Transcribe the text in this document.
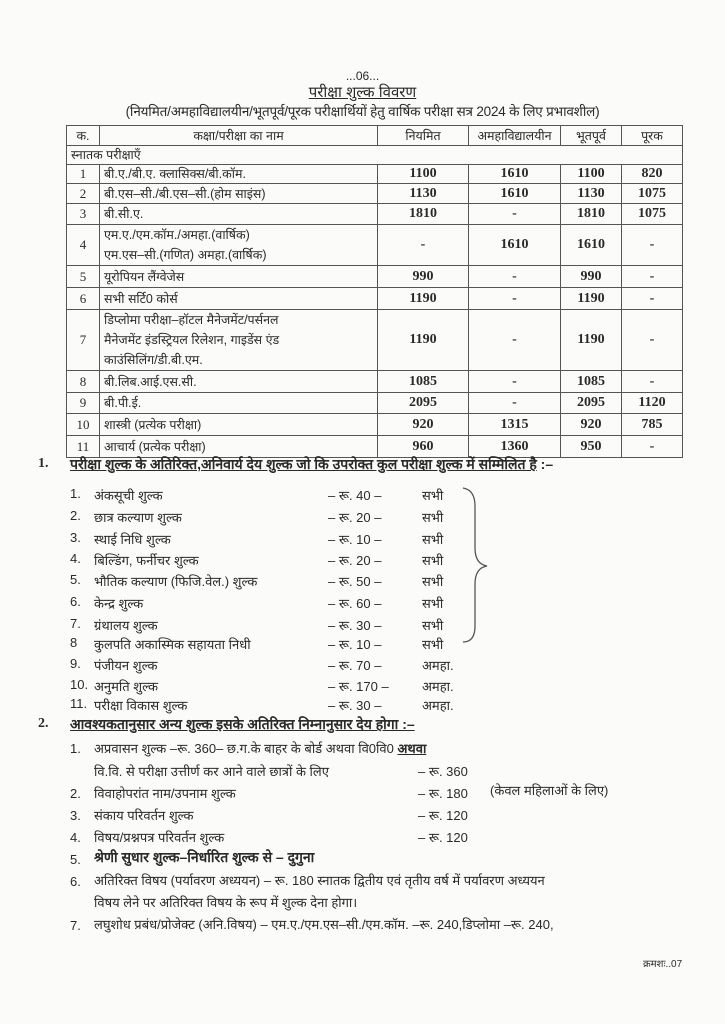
...06...
परीक्षा शुल्क विवरण
(नियमित/अमहाविद्यालयीन/भूतपूर्व/पूरक परीक्षार्थियों हेतु वार्षिक परीक्षा सत्र 2024 के लिए प्रभावशील)
क.	कक्षा/परीक्षा का नाम	नियमित	अमहाविद्यालयीन	भूतपूर्व	पूरक
स्नातक परीक्षाएँ					
1	बी.ए./बी.ए. क्लासिक्स/बी.कॉम.	1100	1610	1100	820
2	बी.एस–सी./बी.एस–सी.(होम साइंस)	1130	1610	1130	1075
3	बी.सी.ए.	1810	-	1810	1075
4	एम.ए./एम.कॉम./अमहा.(वार्षिक)
एम.एस–सी.(गणित) अमहा.(वार्षिक)	-	1610	1610	-
5	यूरोपियन लैंग्वेजेस	990	-	990	-
6	सभी सर्टि0 कोर्स	1190	-	1190	-
7	डिप्लोमा परीक्षा–हॉटल मैनेजमेंट/पर्सनल
मैनेजमेंट इंडस्ट्रियल रिलेशन, गाइडेंस एंड
काउंसिलिंग/डी.बी.एम.	1190	-	1190	-
8	बी.लिब.आई.एस.सी.	1085	-	1085	-
9	बी.पी.ई.	2095	-	2095	1120
10	शास्त्री (प्रत्येक परीक्षा)	920	1315	920	785
11	आचार्य (प्रत्येक परीक्षा)	960	1360	950	-
1. परीक्षा शुल्क के अतिरिक्त,अनिवार्य देय शुल्क जो कि उपरोक्त कुल परीक्षा शुल्क में सम्मिलित है :–
1. अंकसूची शुल्क	– रू. 40 –	सभी
2. छात्र कल्याण शुल्क	– रू. 20 –	सभी
3. स्थाई निधि शुल्क	– रू. 10 –	सभी
4. बिल्डिंग, फर्नीचर शुल्क	– रू. 20 –	सभी
5. भौतिक कल्याण (फिजि.वेल.) शुल्क	– रू. 50 –	सभी
6. केन्द्र शुल्क	– रू. 60 –	सभी
7. ग्रंथालय शुल्क	– रू. 30 –	सभी
8 कुलपति अकास्मिक सहायता निधी	– रू. 10 –	सभी
9. पंजीयन शुल्क	– रू. 70 –	अमहा.
10. अनुमति शुल्क	– रू. 170 –	अमहा.
11. परीक्षा विकास शुल्क	– रू. 30 –	अमहा.
2. आवश्यकतानुसार अन्य शुल्क इसके अतिरिक्त निम्नानुसार देय होगा :–
1. अप्रवासन शुल्क –रू. 360– छ.ग.के बाहर के बोर्ड अथवा वि0वि0 अथवा
वि.वि. से परीक्षा उत्तीर्ण कर आने वाले छात्रों के लिए	– रू. 360
2. विवाहोपरांत नाम/उपनाम शुल्क	– रू. 180 (केवल महिलाओं के लिए)
3. संकाय परिवर्तन शुल्क	– रू. 120
4. विषय/प्रश्नपत्र परिवर्तन शुल्क	– रू. 120
5. श्रेणी सुधार शुल्क–निर्धारित शुल्क से – दुगुना
6. अतिरिक्त विषय (पर्यावरण अध्ययन) – रू. 180 स्नातक द्वितीय एवं तृतीय वर्ष में पर्यावरण अध्ययन
विषय लेने पर अतिरिक्त विषय के रूप में शुल्क देना होगा।
7. लघुशोध प्रबंध/प्रोजेक्ट (अनि.विषय) – एम.ए./एम.एस–सी./एम.कॉम. –रू. 240,डिप्लोमा –रू. 240,
क्रमशः..07
